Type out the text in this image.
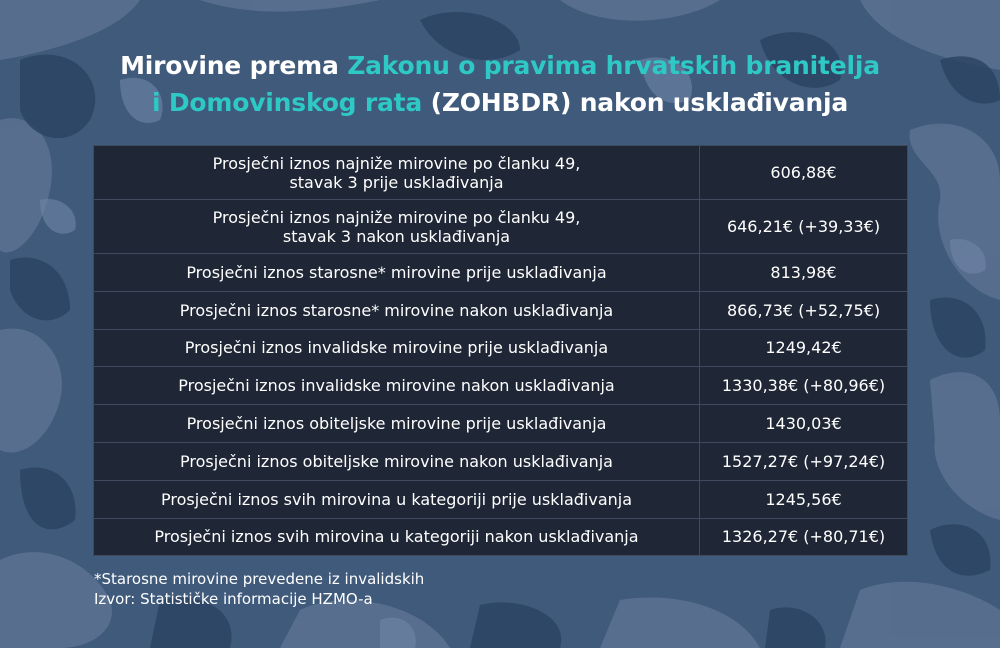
Mirovine prema Zakonu o pravima hrvatskih branitelja
i Domovinskog rata (ZOHBDR) nakon usklađivanja
Prosječni iznos najniže mirovine po članku 49,
stavak 3 prije usklađivanja	606,88€
Prosječni iznos najniže mirovine po članku 49,
stavak 3 nakon usklađivanja	646,21€ (+39,33€)
Prosječni iznos starosne* mirovine prije usklađivanja	813,98€
Prosječni iznos starosne* mirovine nakon usklađivanja	866,73€ (+52,75€)
Prosječni iznos invalidske mirovine prije usklađivanja	1249,42€
Prosječni iznos invalidske mirovine nakon usklađivanja	1330,38€ (+80,96€)
Prosječni iznos obiteljske mirovine prije usklađivanja	1430,03€
Prosječni iznos obiteljske mirovine nakon usklađivanja	1527,27€ (+97,24€)
Prosječni iznos svih mirovina u kategoriji prije usklađivanja	1245,56€
Prosječni iznos svih mirovina u kategoriji nakon usklađivanja	1326,27€ (+80,71€)
*Starosne mirovine prevedene iz invalidskih
Izvor: Statističke informacije HZMO-a
